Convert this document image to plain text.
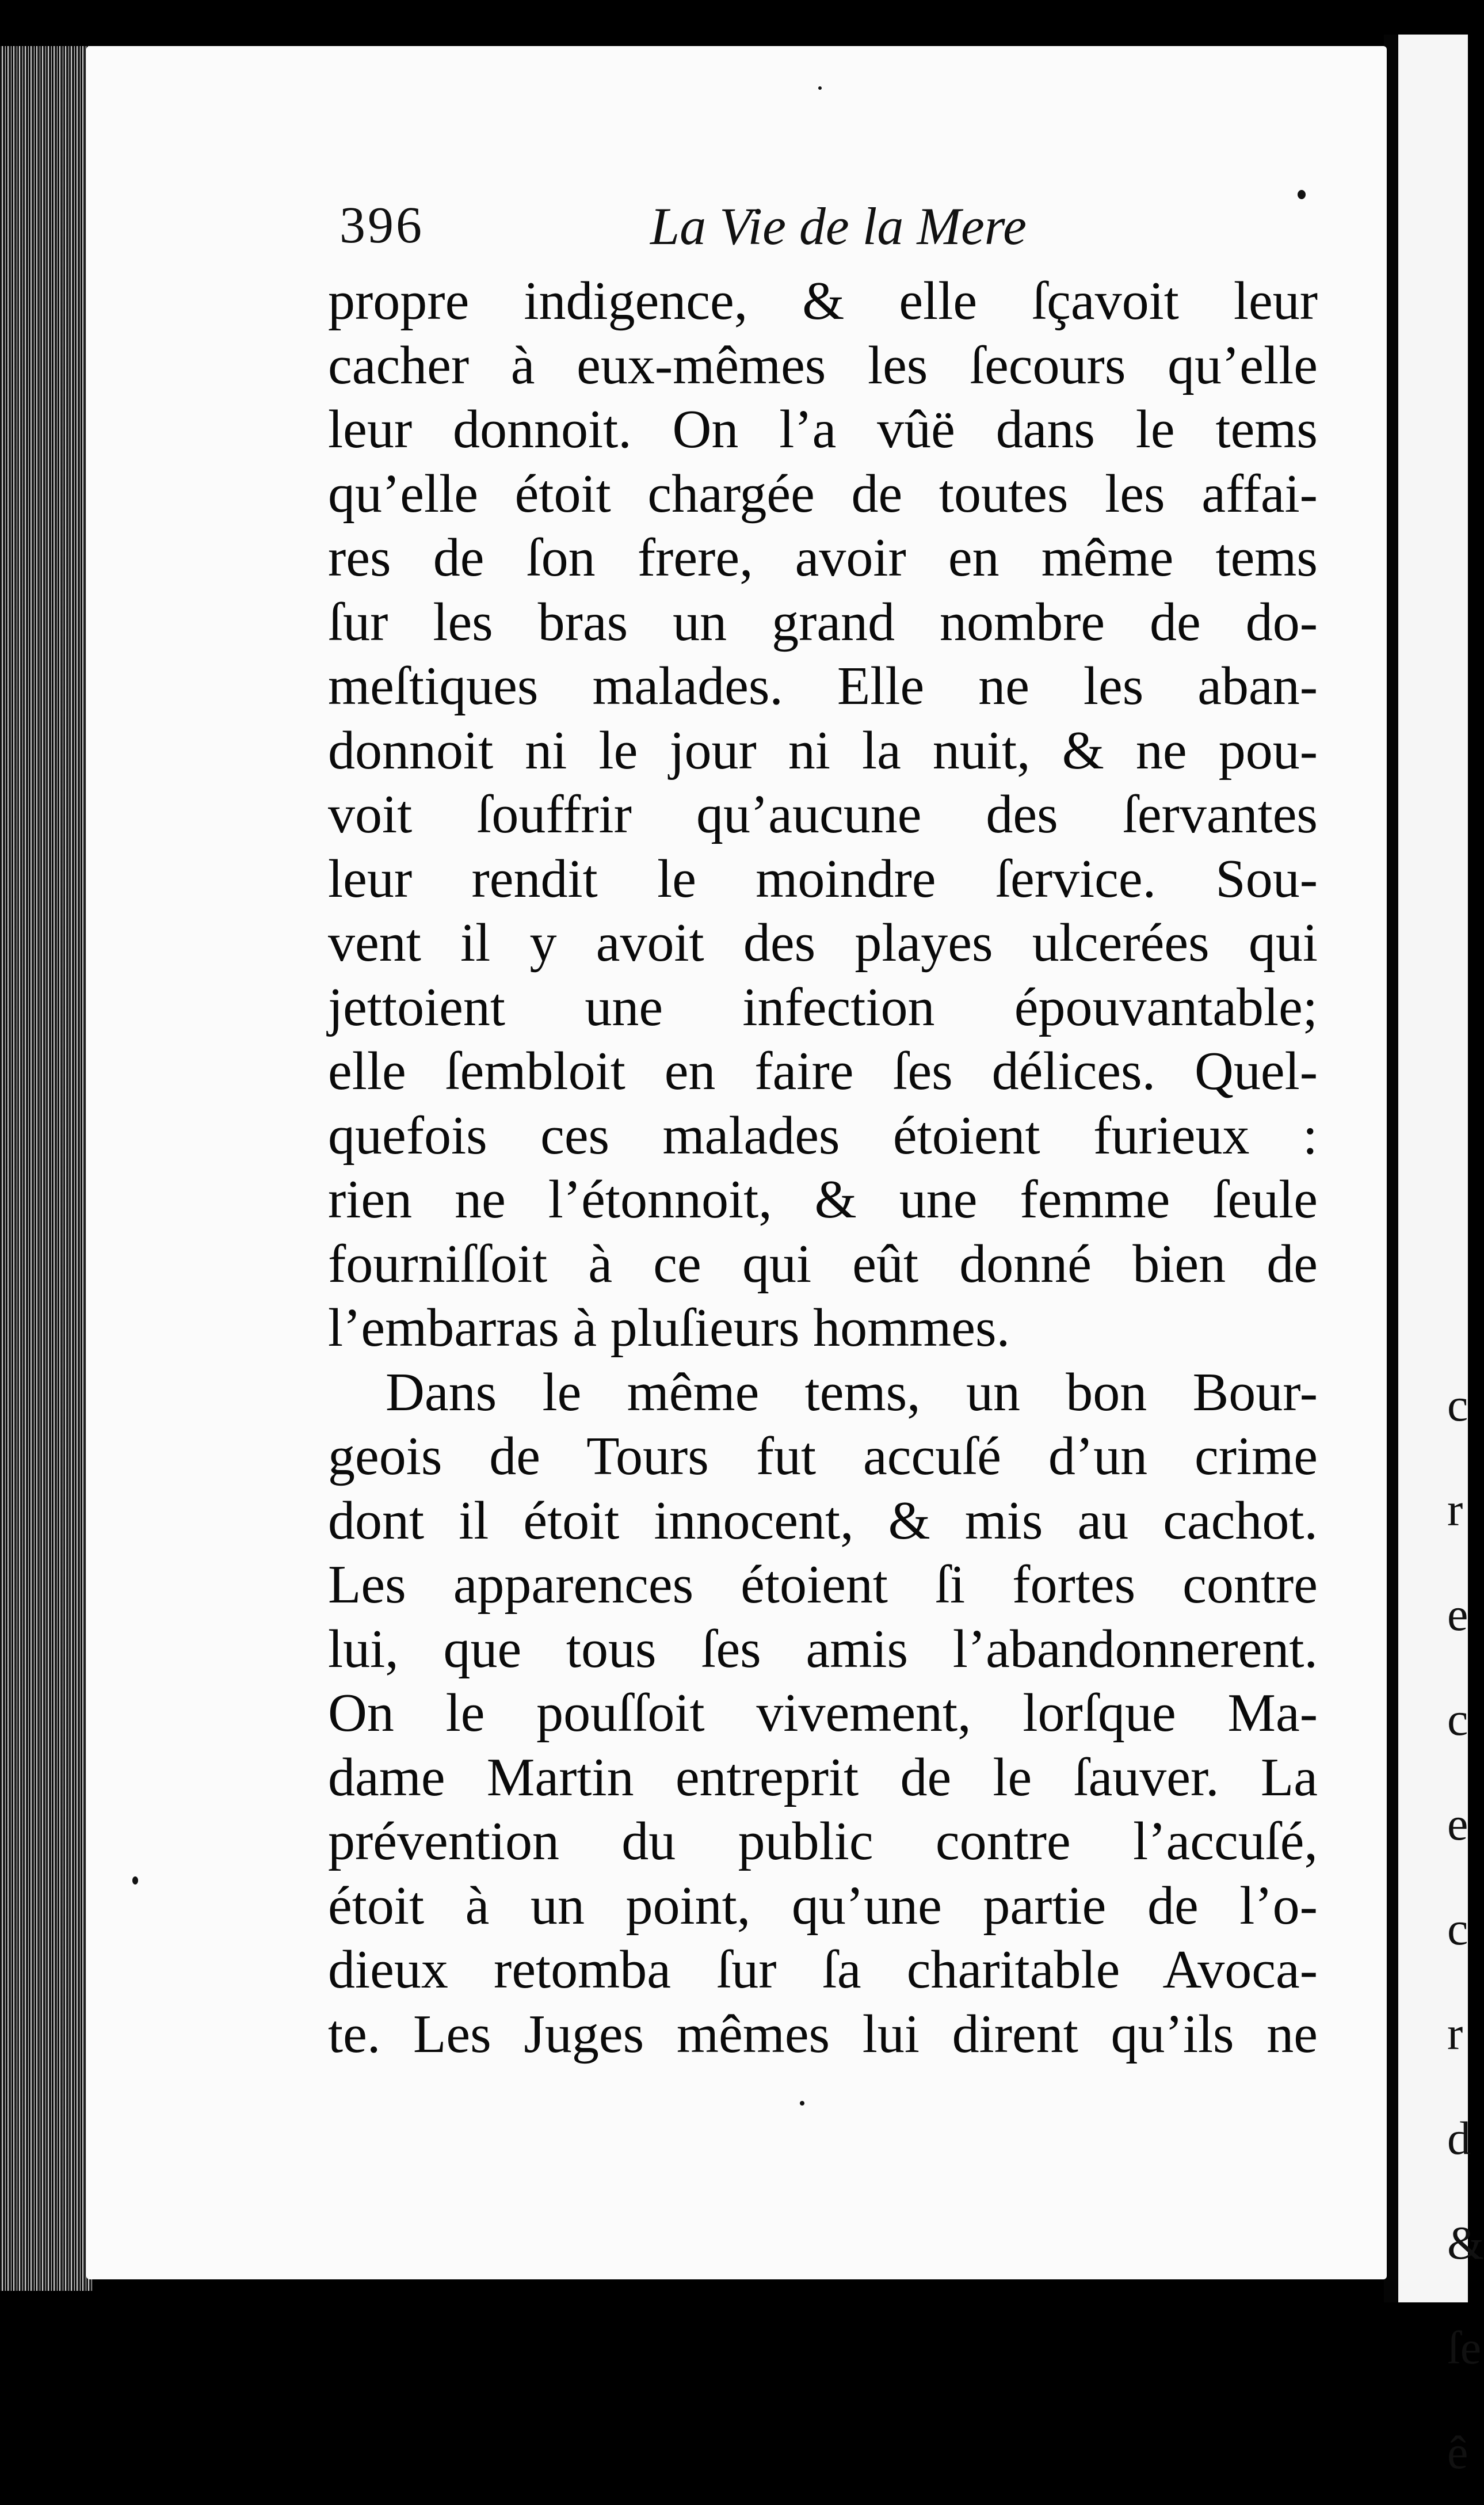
c
r
e
c
e
c
r
d
&
ſe
ê
396	La Vie de la Mere
propre indigence, & elle ſçavoit leur
cacher à eux-mêmes les ſecours qu’elle
leur donnoit. On l’a vûë dans le tems
qu’elle étoit chargée de toutes les affai-
res de ſon frere, avoir en même tems
ſur les bras un grand nombre de do-
meſtiques malades. Elle ne les aban-
donnoit ni le jour ni la nuit, & ne pou-
voit ſouffrir qu’aucune des ſervantes
leur rendit le moindre ſervice. Sou-
vent il y avoit des playes ulcerées qui
jettoient une infection épouvantable;
elle ſembloit en faire ſes délices. Quel-
quefois ces malades étoient furieux :
rien ne l’étonnoit, & une femme ſeule
fourniſſoit à ce qui eût donné bien de
l’embarras à pluſieurs hommes.
Dans le même tems, un bon Bour-
geois de Tours fut accuſé d’un crime
dont il étoit innocent, & mis au cachot.
Les apparences étoient ſi fortes contre
lui, que tous ſes amis l’abandonnerent.
On le pouſſoit vivement, lorſque Ma-
dame Martin entreprit de le ſauver. La
prévention du public contre l’accuſé,
étoit à un point, qu’une partie de l’o-
dieux retomba ſur ſa charitable Avoca-
te. Les Juges mêmes lui dirent qu’ils ne
